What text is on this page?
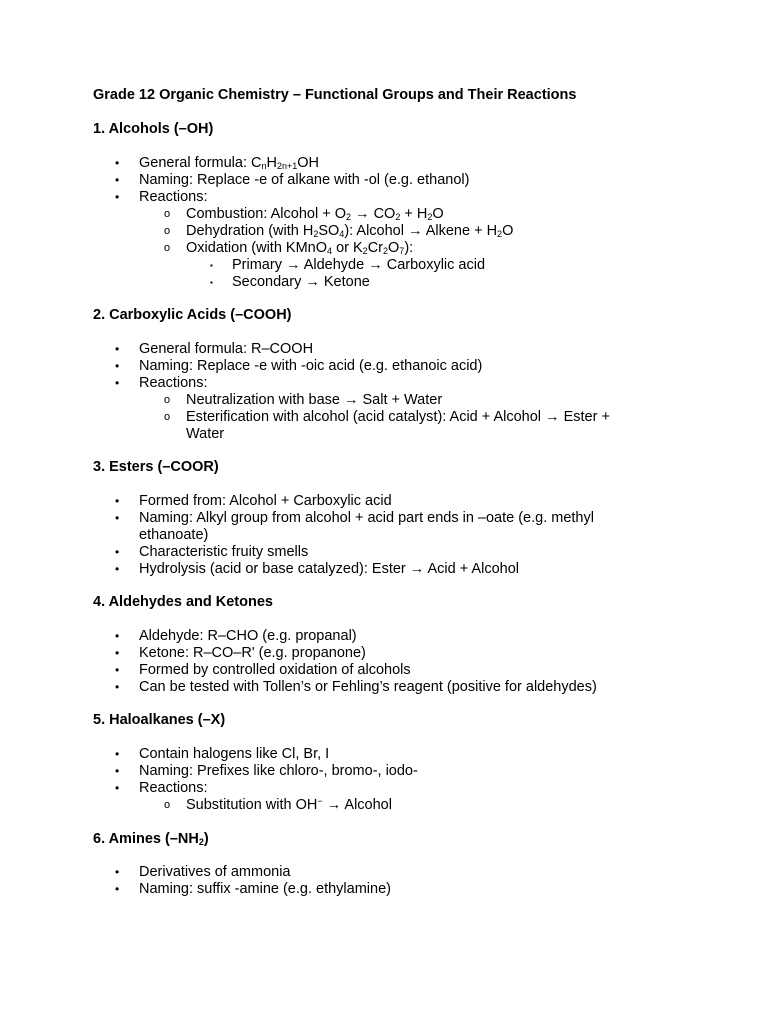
Grade 12 Organic Chemistry – Functional Groups and Their Reactions
1. Alcohols (–OH)
• General formula: $C_nH_{2n+1}OH$
• Naming: Replace -e of alkane with -ol (e.g. ethanol)
• Reactions:
o Combustion: Alcohol + $O_2 \to CO_2 + H_2O$
o Dehydration (with $H_2SO_4$): Alcohol → Alkene + $H_2O$
o Oxidation (with KMnO$_4$ or $K_2Cr_2O_7$):
▪ Primary → Aldehyde → Carboxylic acid
▪ Secondary → Ketone
2. Carboxylic Acids (–COOH)
• General formula: R–COOH
• Naming: Replace -e with -oic acid (e.g. ethanoic acid)
• Reactions:
o Neutralization with base → Salt + Water
o Esterification with alcohol (acid catalyst): Acid + Alcohol → Ester +
Water
3. Esters (–COOR)
• Formed from: Alcohol + Carboxylic acid
• Naming: Alkyl group from alcohol + acid part ends in –oate (e.g. methyl
ethanoate)
• Characteristic fruity smells
• Hydrolysis (acid or base catalyzed): Ester → Acid + Alcohol
4. Aldehydes and Ketones
• Aldehyde: R–CHO (e.g. propanal)
• Ketone: R–CO–R' (e.g. propanone)
• Formed by controlled oxidation of alcohols
• Can be tested with Tollen’s or Fehling’s reagent (positive for aldehydes)
5. Haloalkanes (–X)
• Contain halogens like Cl, Br, I
• Naming: Prefixes like chloro-, bromo-, iodo-
• Reactions:
o Substitution with OH− → Alcohol
6. Amines $(-NH_2)$
• Derivatives of ammonia
• Naming: suffix -amine (e.g. ethylamine)
